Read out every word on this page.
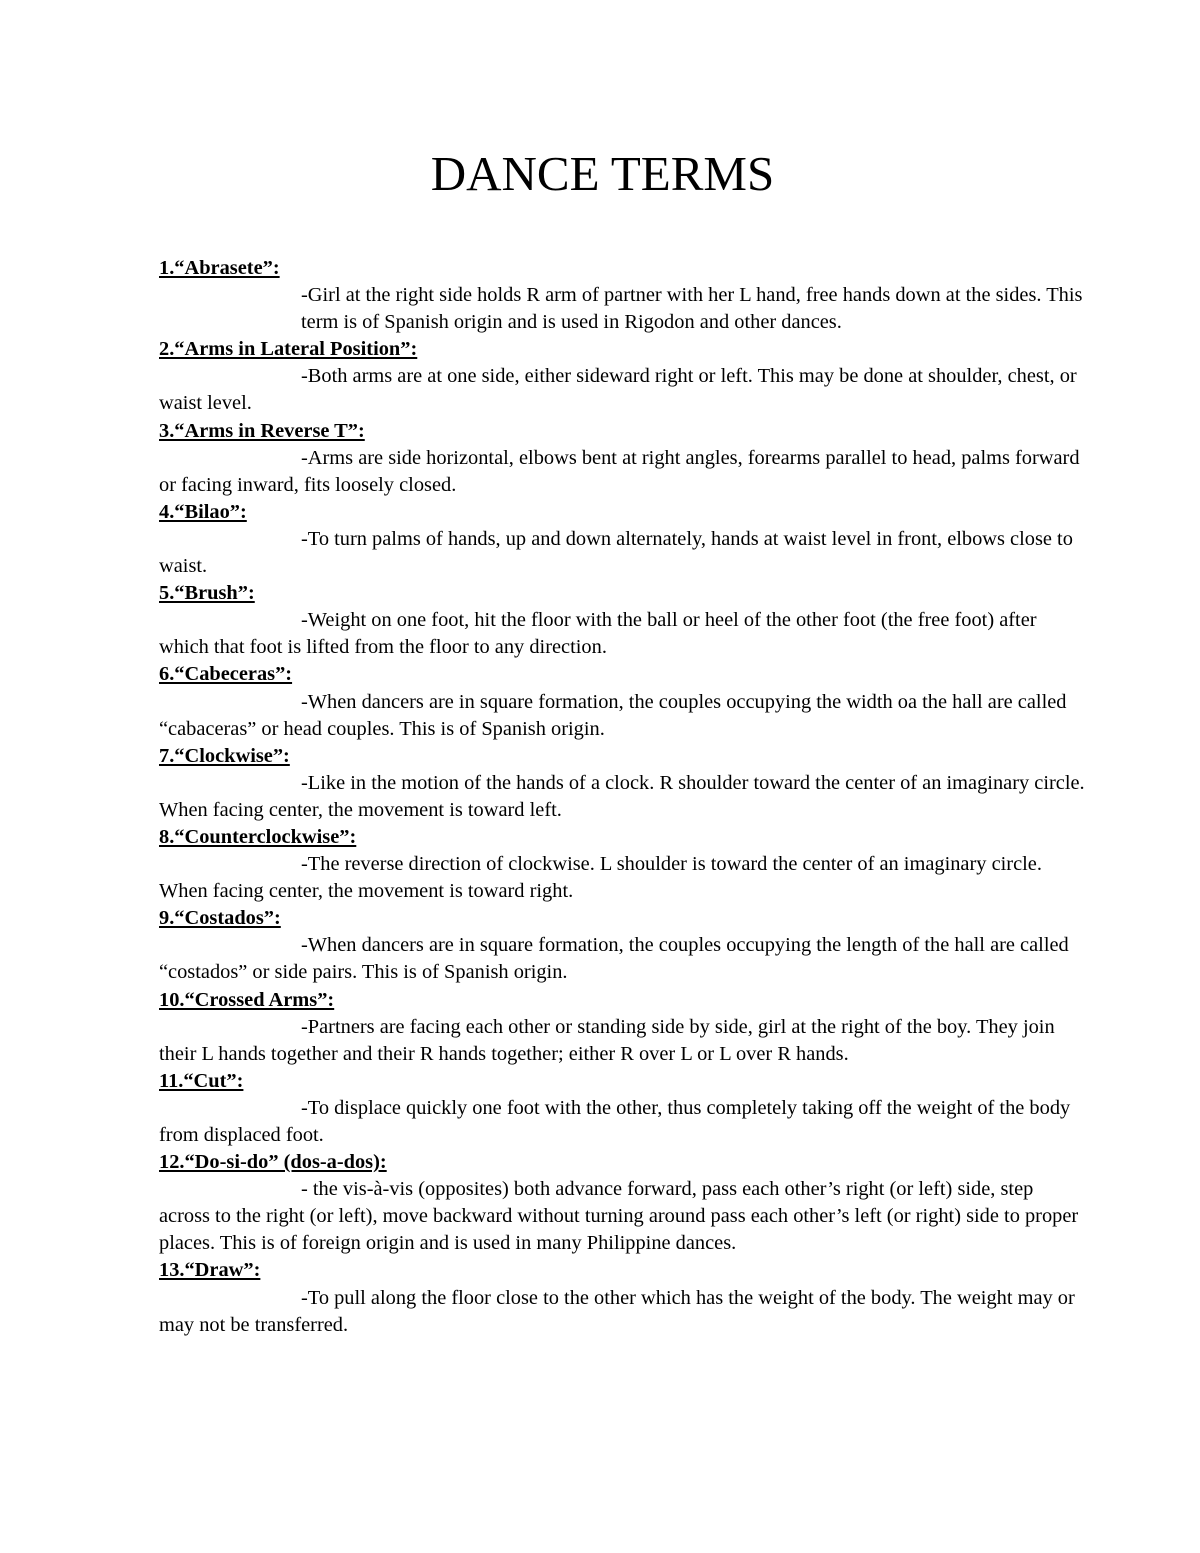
DANCE TERMS
1.“Abrasete”:

-Girl at the right side holds R arm of partner with her L hand, free hands down at the sides. This term is of Spanish origin and is used in Rigodon and other dances.

2.“Arms in Lateral Position”:

-Both arms are at one side, either sideward right or left. This may be done at shoulder, chest, or waist level.

3.“Arms in Reverse T”:

-Arms are side horizontal, elbows bent at right angles, forearms parallel to head, palms forward or facing inward, fits loosely closed.

4.“Bilao”:

-To turn palms of hands, up and down alternately, hands at waist level in front, elbows close to waist.

5.“Brush”:

-Weight on one foot, hit the floor with the ball or heel of the other foot (the free foot) after which that foot is lifted from the floor to any direction.

6.“Cabeceras”:

-When dancers are in square formation, the couples occupying the width oa the hall are called “cabaceras” or head couples. This is of Spanish origin.

7.“Clockwise”:

-Like in the motion of the hands of a clock. R shoulder toward the center of an imaginary circle. When facing center, the movement is toward left.

8.“Counterclockwise”:

-The reverse direction of clockwise. L shoulder is toward the center of an imaginary circle. When facing center, the movement is toward right.

9.“Costados”:

-When dancers are in square formation, the couples occupying the length of the hall are called “costados” or side pairs. This is of Spanish origin.

10.“Crossed Arms”:

-Partners are facing each other or standing side by side, girl at the right of the boy. They join their L hands together and their R hands together; either R over L or L over R hands.

11.“Cut”:

-To displace quickly one foot with the other, thus completely taking off the weight of the body from displaced foot.

12.“Do-si-do” (dos-a-dos):

- the vis-à-vis (opposites) both advance forward, pass each other’s right (or left) side, step across to the right (or left), move backward without turning around pass each other’s left (or right) side to proper places. This is of foreign origin and is used in many Philippine dances.

13.“Draw”:

-To pull along the floor close to the other which has the weight of the body. The weight may or may not be transferred.
